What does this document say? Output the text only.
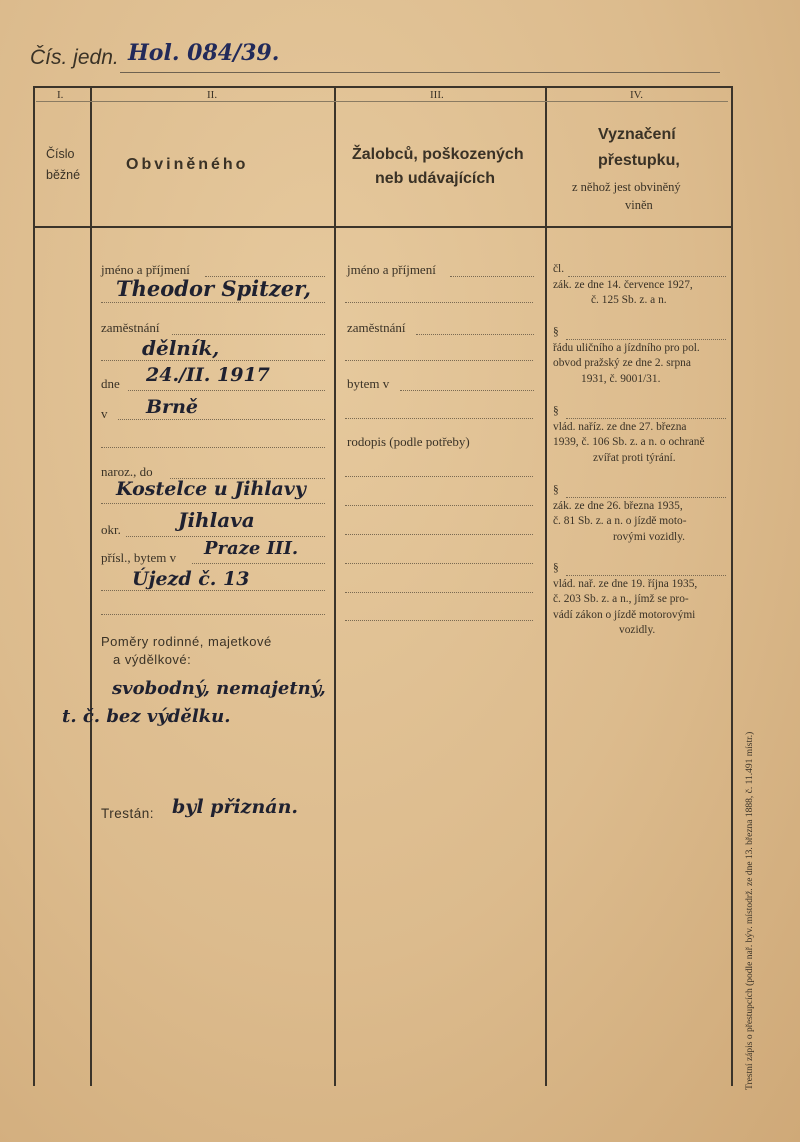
Čís. jedn. Hol. 084/39.
I.	II.	III.	IV.
Číslo
běžné
Obviněného
Žalobců, poškozených
neb udávajících
Vyznačení
přestupku,
z něhož jest obviněný
viněn
jméno a příjmení
Theodor Spitzer,
zaměstnání
dělník,
dne 24./II. 1917
v Brně
naroz., do
Kostelce u Jihlavy
okr.	Jihlava
přísl., bytem v Praze III.
Újezd č. 13
Poměry rodinné, majetkové
a výdělkové:
svobodný, nemajetný,
t. č. bez výdělku.
Trestán: byl přiznán.
jméno a příjmení
zaměstnání
bytem v
rodopis (podle potřeby)
čl.
zák. ze dne 14. července 1927,
č. 125 Sb. z. a n.
§
řádu uličního a jízdního pro pol.
obvod pražský ze dne 2. srpna
1931, č. 9001/31.
§
vlád. naříz. ze dne 27. března
1939, č. 106 Sb. z. a n. o ochraně
zvířat proti týrání.
§
zák. ze dne 26. března 1935,
č. 81 Sb. z. a n. o jízdě moto-
rovými vozidly.
§
vlád. nař. ze dne 19. října 1935,
č. 203 Sb. z. a n., jímž se pro-
vádí zákon o jízdě motorovými
vozidly.
Trestní zápis o přestupcích (podle nař. býv. místodrž. ze dne 13. března 1888, č. 11.491 místr.)
